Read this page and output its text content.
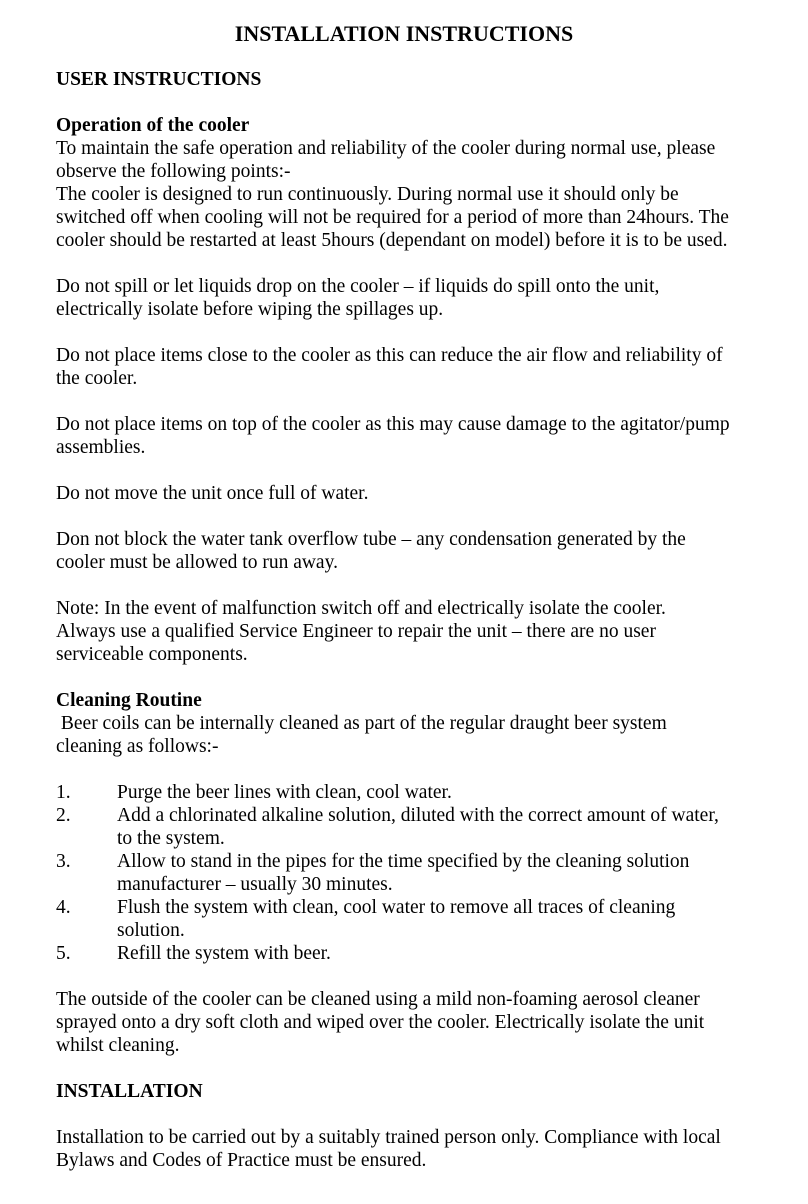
INSTALLATION INSTRUCTIONS
USER INSTRUCTIONS
Operation of the cooler
To maintain the safe operation and reliability of the cooler during normal use, please
observe the following points:-
The cooler is designed to run continuously. During normal use it should only be
switched off when cooling will not be required for a period of more than 24hours. The
cooler should be restarted at least 5hours (dependant on model) before it is to be used.
Do not spill or let liquids drop on the cooler – if liquids do spill onto the unit,
electrically isolate before wiping the spillages up.
Do not place items close to the cooler as this can reduce the air flow and reliability of
the cooler.
Do not place items on top of the cooler as this may cause damage to the agitator/pump
assemblies.
Do not move the unit once full of water.
Don not block the water tank overflow tube – any condensation generated by the
cooler must be allowed to run away.
Note: In the event of malfunction switch off and electrically isolate the cooler.
Always use a qualified Service Engineer to repair the unit – there are no user
serviceable components.
Cleaning Routine
Beer coils can be internally cleaned as part of the regular draught beer system
cleaning as follows:-
1. Purge the beer lines with clean, cool water.
2. Add a chlorinated alkaline solution, diluted with the correct amount of water,
to the system.
3. Allow to stand in the pipes for the time specified by the cleaning solution
manufacturer – usually 30 minutes.
4. Flush the system with clean, cool water to remove all traces of cleaning
solution.
5. Refill the system with beer.
The outside of the cooler can be cleaned using a mild non-foaming aerosol cleaner
sprayed onto a dry soft cloth and wiped over the cooler. Electrically isolate the unit
whilst cleaning.
INSTALLATION
Installation to be carried out by a suitably trained person only. Compliance with local
Bylaws and Codes of Practice must be ensured.
